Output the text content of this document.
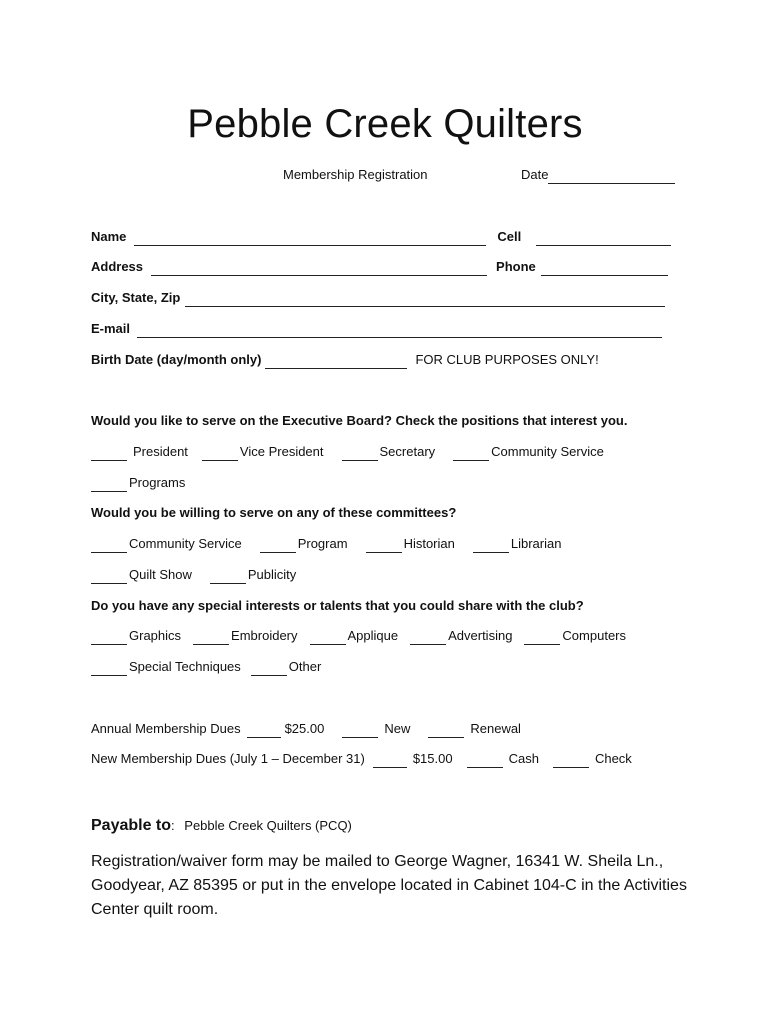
Pebble Creek Quilters
Membership Registration	Date
Name	Cell
Address	Phone
City, State, Zip
E-mail
Birth Date (day/month only)	FOR CLUB PURPOSES ONLY!
Would you like to serve on the Executive Board? Check the positions that interest you.
President	Vice President	Secretary	Community Service
Programs
Would you be willing to serve on any of these committees?
Community Service	Program	Historian	Librarian
Quilt Show	Publicity
Do you have any special interests or talents that you could share with the club?
Graphics	Embroidery	Applique	Advertising	Computers
Special Techniques	Other
Annual Membership Dues	$25.00	New	Renewal
New Membership Dues (July 1 – December 31)	$15.00	Cash	Check
Payable to: Pebble Creek Quilters (PCQ)
Registration/waiver form may be mailed to George Wagner, 16341 W. Sheila Ln., Goodyear, AZ 85395 or put in the envelope located in Cabinet 104-C in the Activities Center quilt room.
